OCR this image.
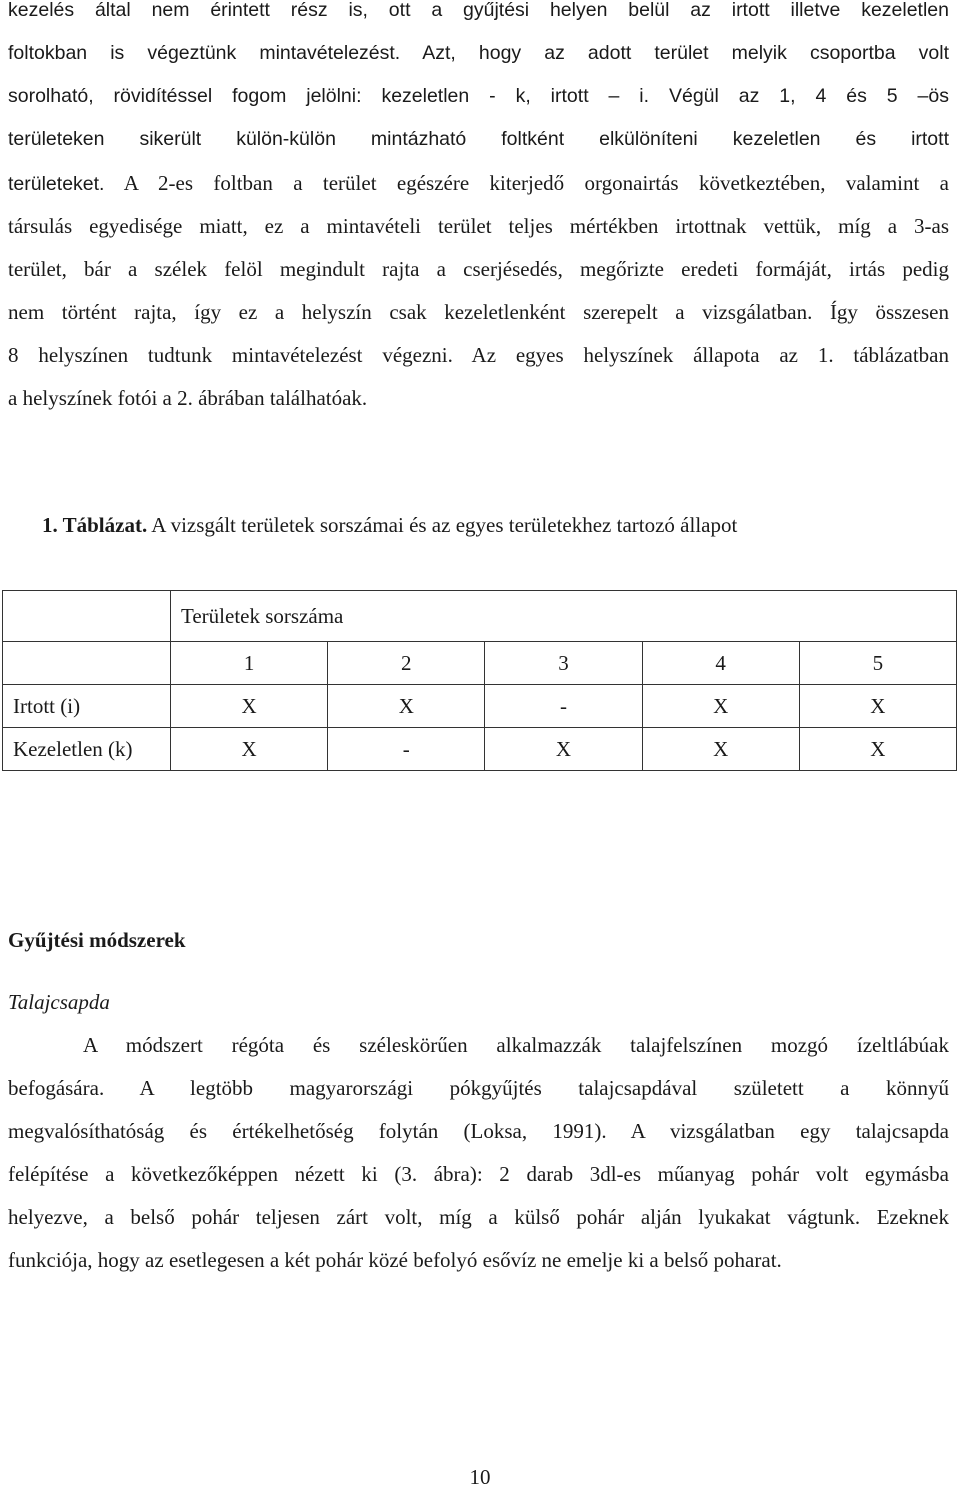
kezelés által nem érintett rész is, ott a gyűjtési helyen belül az irtott illetve kezeletlen
foltokban is végeztünk mintavételezést. Azt, hogy az adott terület melyik csoportba volt
sorolható, rövidítéssel fogom jelölni: kezeletlen - k, irtott – i. Végül az 1, 4 és 5 –ös
területeken sikerült külön-külön mintázható foltként elkülöníteni kezeletlen és irtott
területeket. A 2-es foltban a terület egészére kiterjedő orgonairtás következtében, valamint a
társulás egyedisége miatt, ez a mintavételi terület teljes mértékben irtottnak vettük, míg a 3-as
terület, bár a szélek felöl megindult rajta a cserjésedés, megőrizte eredeti formáját, irtás pedig
nem történt rajta, így ez a helyszín csak kezeletlenként szerepelt a vizsgálatban. Így összesen
8 helyszínen tudtunk mintavételezést végezni. Az egyes helyszínek állapota az 1. táblázatban
a helyszínek fotói a 2. ábrában találhatóak.
1. Táblázat. A vizsgált területek sorszámai és az egyes területekhez tartozó állapot
	Területek sorszáma				
	1	2	3	4	5
Irtott (i)	X	X	-	X	X
Kezeletlen (k)	X	-	X	X	X
Gyűjtési módszerek
Talajcsapda
A módszert régóta és széleskörűen alkalmazzák talajfelszínen mozgó ízeltlábúak
befogására. A legtöbb magyarországi pókgyűjtés talajcsapdával született a könnyű
megvalósíthatóság és értékelhetőség folytán (Loksa, 1991). A vizsgálatban egy talajcsapda
felépítése a következőképpen nézett ki (3. ábra): 2 darab 3dl-es műanyag pohár volt egymásba
helyezve, a belső pohár teljesen zárt volt, míg a külső pohár alján lyukakat vágtunk. Ezeknek
funkciója, hogy az esetlegesen a két pohár közé befolyó esővíz ne emelje ki a belső poharat.
10
